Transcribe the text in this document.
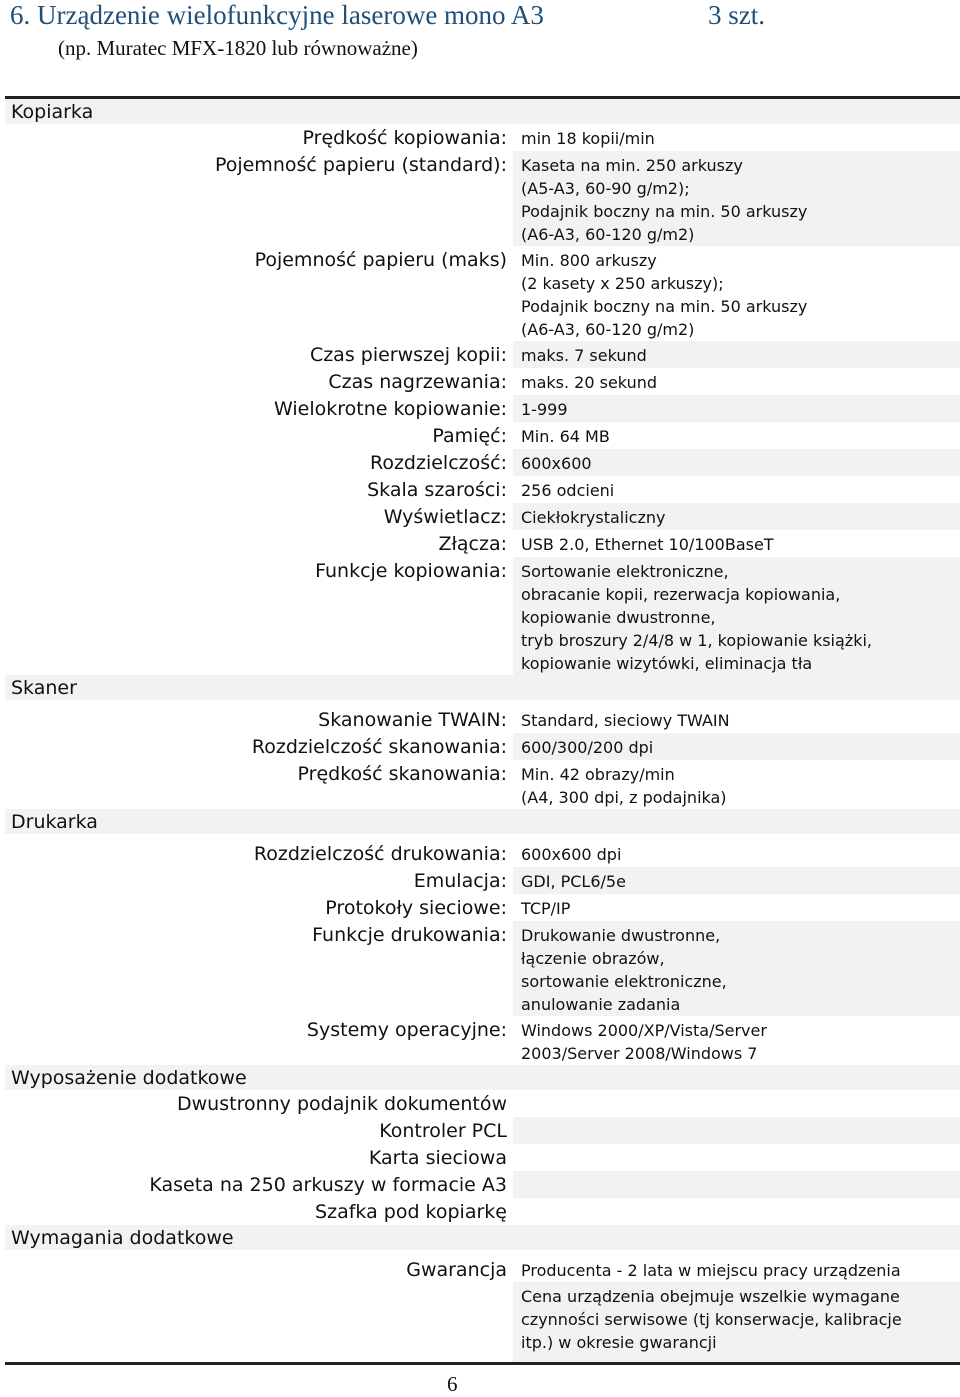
6. Urządzenie wielofunkcyjne laserowe mono A3	3 szt.
(np. Muratec MFX-1820 lub równoważne)
Kopiarka
Prędkość kopiowania: min 18 kopii/min
Pojemność papieru (standard): Kaseta na min. 250 arkuszy
(A5-A3, 60-90 g/m2);
Podajnik boczny na min. 50 arkuszy
(A6-A3, 60-120 g/m2)
Pojemność papieru (maks) Min. 800 arkuszy
(2 kasety x 250 arkuszy);
Podajnik boczny na min. 50 arkuszy
(A6-A3, 60-120 g/m2)
Czas pierwszej kopii: maks. 7 sekund
Czas nagrzewania: maks. 20 sekund
Wielokrotne kopiowanie: 1-999
Pamięć: Min. 64 MB
Rozdzielczość: 600x600
Skala szarości: 256 odcieni
Wyświetlacz: Ciekłokrystaliczny
Złącza: USB 2.0, Ethernet 10/100BaseT
Funkcje kopiowania: Sortowanie elektroniczne,
obracanie kopii, rezerwacja kopiowania,
kopiowanie dwustronne,
tryb broszury 2/4/8 w 1, kopiowanie książki,
kopiowanie wizytówki, eliminacja tła
Skaner
Skanowanie TWAIN: Standard, sieciowy TWAIN
Rozdzielczość skanowania: 600/300/200 dpi
Prędkość skanowania: Min. 42 obrazy/min
(A4, 300 dpi, z podajnika)
Drukarka
Rozdzielczość drukowania: 600x600 dpi
Emulacja: GDI, PCL6/5e
Protokoły sieciowe: TCP/IP
Funkcje drukowania: Drukowanie dwustronne,
łączenie obrazów,
sortowanie elektroniczne,
anulowanie zadania
Systemy operacyjne: Windows 2000/XP/Vista/Server
2003/Server 2008/Windows 7
Wyposażenie dodatkowe
Dwustronny podajnik dokumentów
Kontroler PCL
Karta sieciowa
Kaseta na 250 arkuszy w formacie A3
Szafka pod kopiarkę
Wymagania dodatkowe
Gwarancja Producenta - 2 lata w miejscu pracy urządzenia
Cena urządzenia obejmuje wszelkie wymagane
czynności serwisowe (tj konserwacje, kalibracje
itp.) w okresie gwarancji
6
